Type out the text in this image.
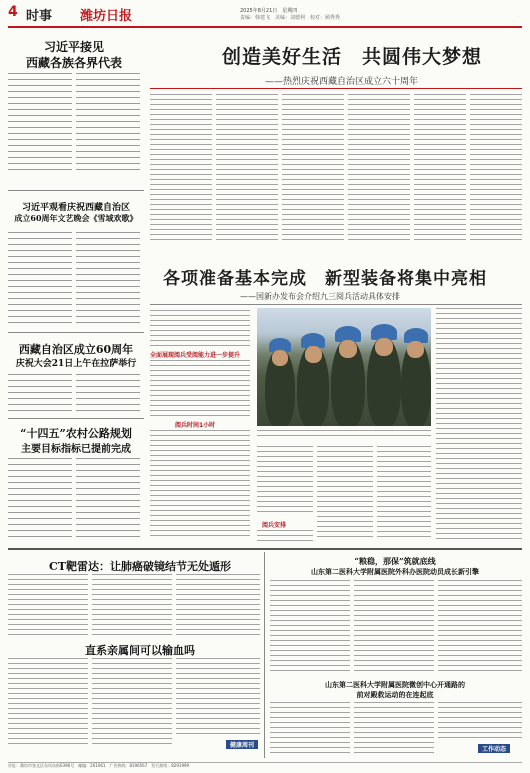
4 时事 潍坊日报	2025年8月21日　星期四
责编：韩建飞　美编：刘德利　校对：顾秀秀
习近平接见
西藏各族各界代表
习近平观看庆祝西藏自治区
成立60周年文艺晚会《雪域欢歌》
西藏自治区成立60周年
庆祝大会21日上午在拉萨举行
“十四五”农村公路规划
主要目标指标已提前完成
创造美好生活　共圆伟大梦想
——热烈庆祝西藏自治区成立六十周年
各项准备基本完成　新型装备将集中亮相
——国新办发布会介绍九三阅兵活动具体安排
全面展现阅兵受阅能力进一步提升
阅兵时间1小时
阅兵安排
CT靶雷达：让肺癌破镜结节无处遁形
直系亲属间可以输血吗
健康周刊
“粮稳，那保”筑就底线
山东第二医科大学附属医院外科办医院动员成长新引擎
山东第二医科大学附属医院微创中心开通路的
前对殿救运动的在连起底
工作动态
社址：潍坊市奎文区东风东街6396号　邮编：261061　广告热线：8196567　发行热线：8291999
